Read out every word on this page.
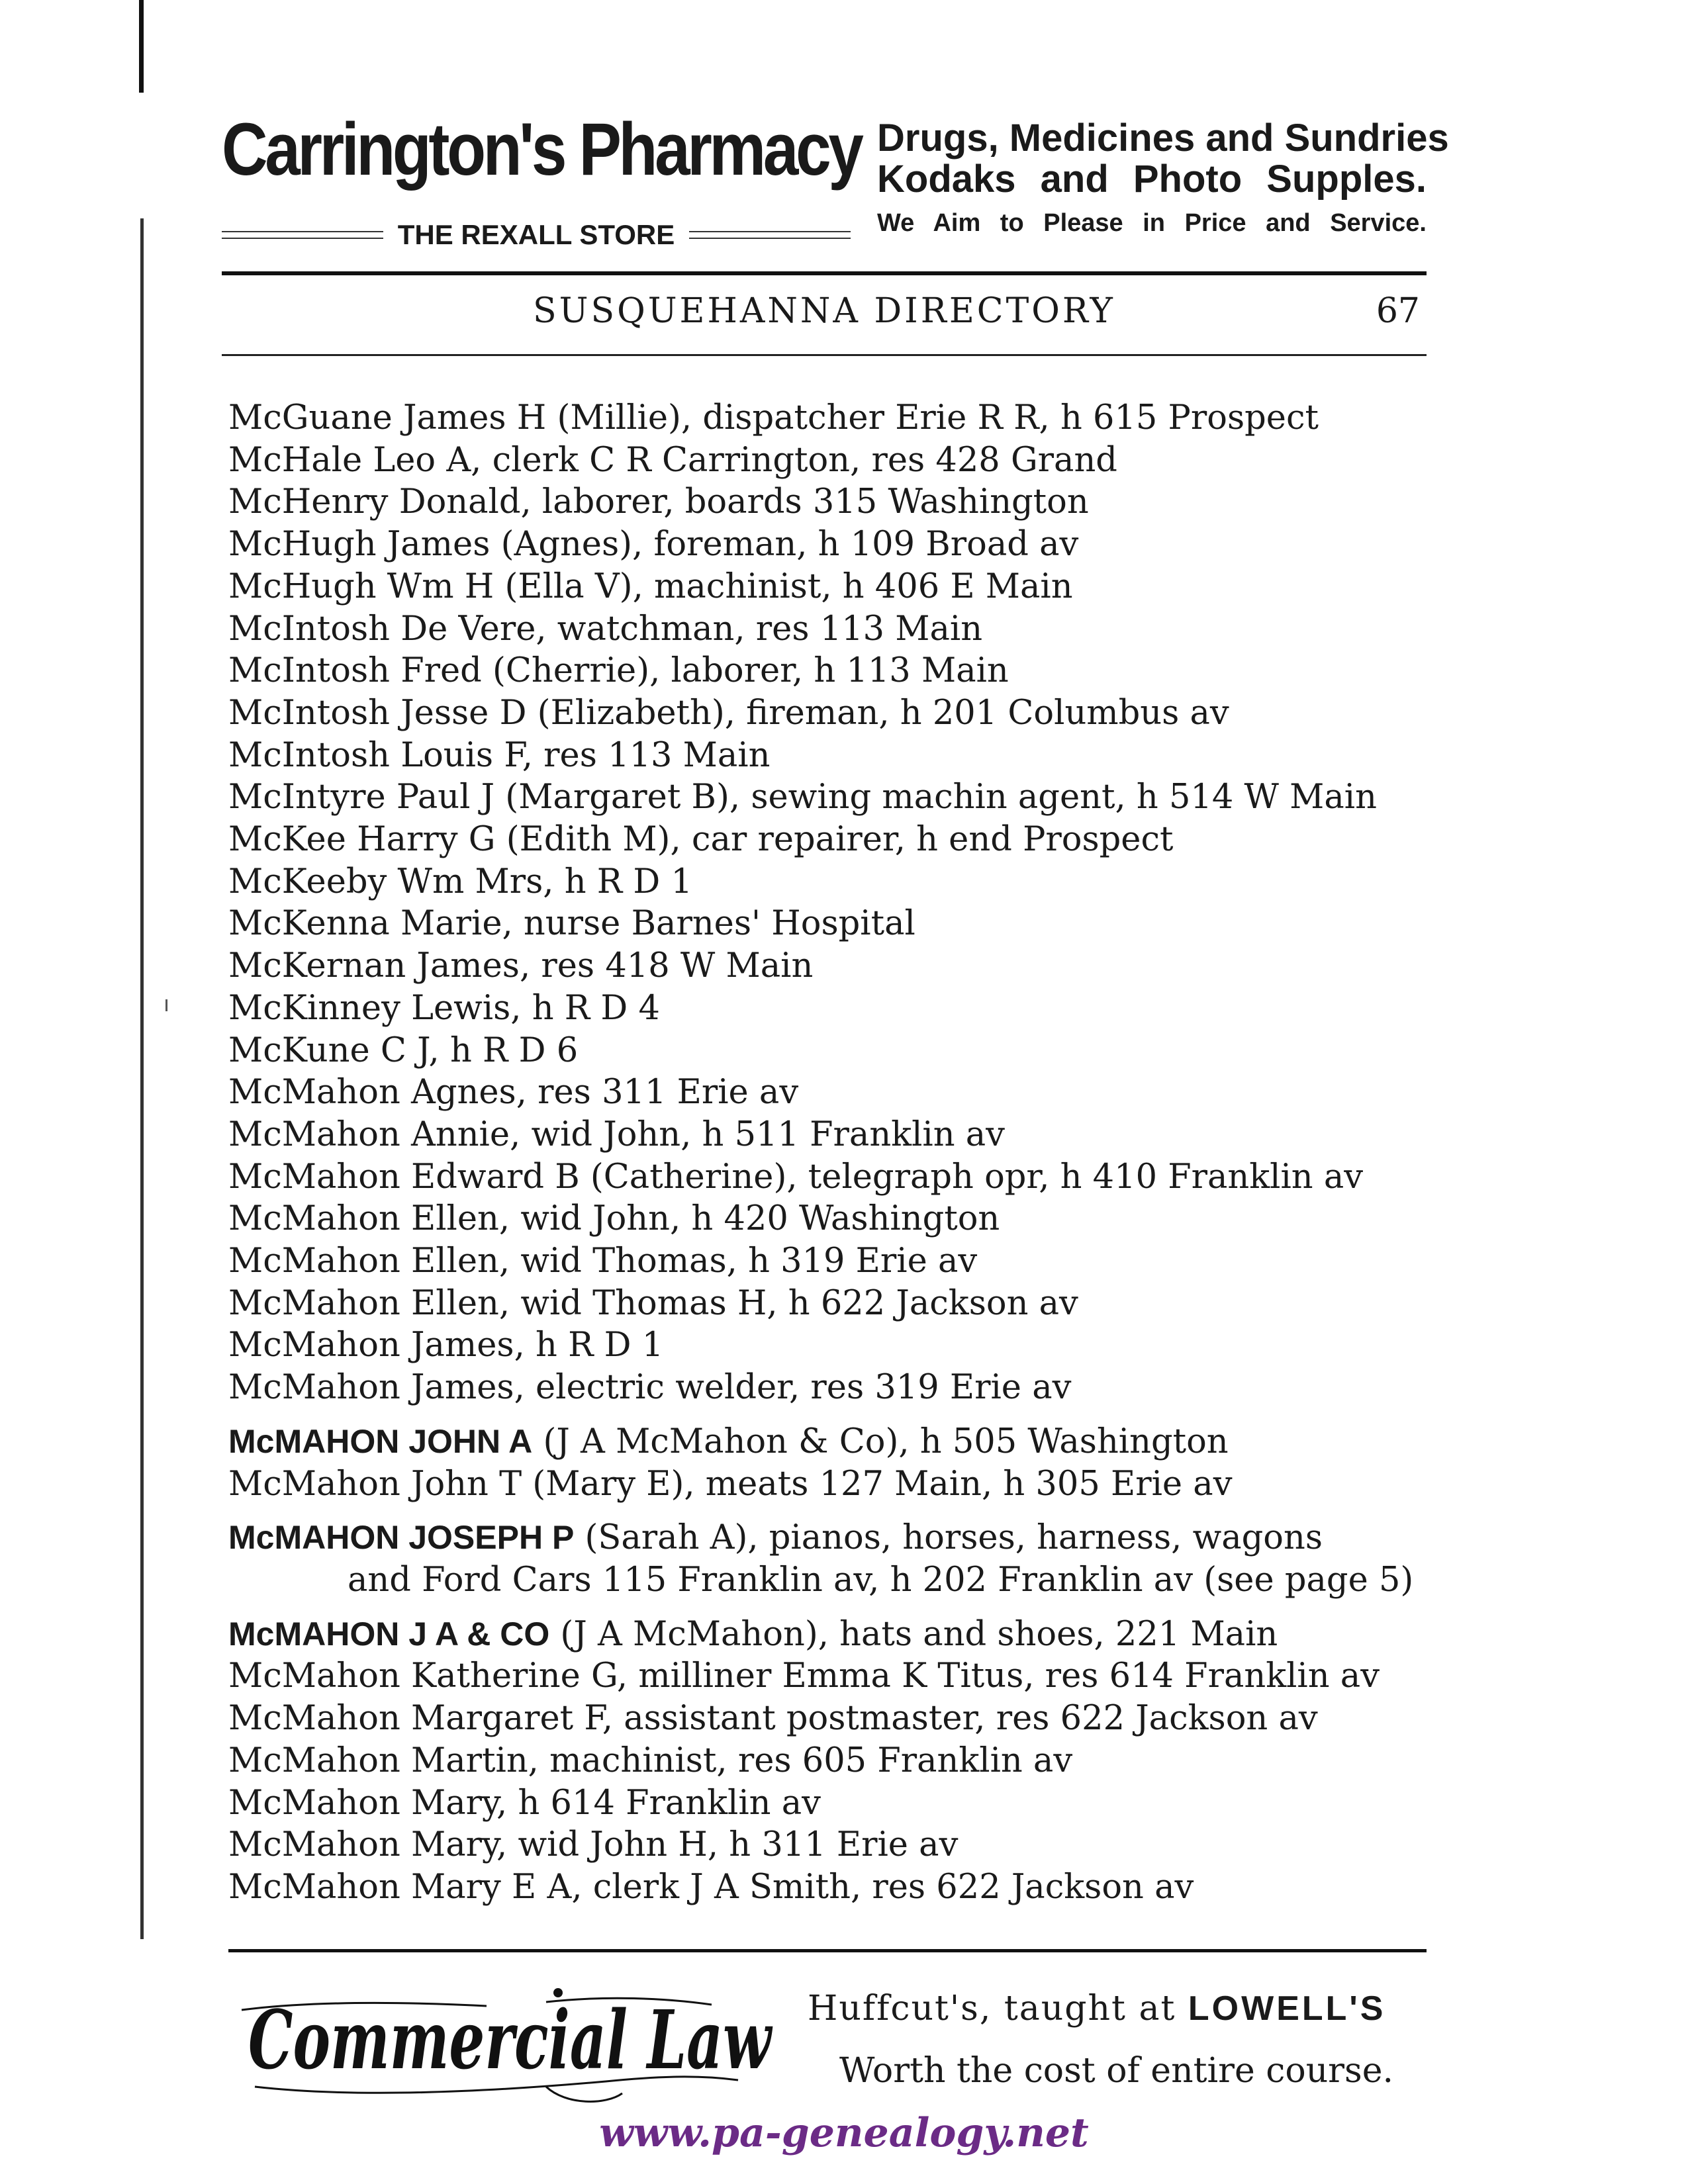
Carrington's Pharmacy
THE REXALL STORE
Drugs, Medicines and Sundries
Kodaks and Photo Supples.
We Aim to Please in Price and Service.
SUSQUEHANNA DIRECTORY	67
McGuane James H (Millie), dispatcher Erie R R, h 615 Prospect
McHale Leo A, clerk C R Carrington, res 428 Grand
McHenry Donald, laborer, boards 315 Washington
McHugh James (Agnes), foreman, h 109 Broad av
McHugh Wm H (Ella V), machinist, h 406 E Main
McIntosh De Vere, watchman, res 113 Main
McIntosh Fred (Cherrie), laborer, h 113 Main
McIntosh Jesse D (Elizabeth), fireman, h 201 Columbus av
McIntosh Louis F, res 113 Main
McIntyre Paul J (Margaret B), sewing machin agent, h 514 W Main
McKee Harry G (Edith M), car repairer, h end Prospect
McKeeby Wm Mrs, h R D 1
McKenna Marie, nurse Barnes' Hospital
McKernan James, res 418 W Main
McKinney Lewis, h R D 4
McKune C J, h R D 6
McMahon Agnes, res 311 Erie av
McMahon Annie, wid John, h 511 Franklin av
McMahon Edward B (Catherine), telegraph opr, h 410 Franklin av
McMahon Ellen, wid John, h 420 Washington
McMahon Ellen, wid Thomas, h 319 Erie av
McMahon Ellen, wid Thomas H, h 622 Jackson av
McMahon James, h R D 1
McMahon James, electric welder, res 319 Erie av
McMAHON JOHN A (J A McMahon & Co), h 505 Washington
McMahon John T (Mary E), meats 127 Main, h 305 Erie av
McMAHON JOSEPH P (Sarah A), pianos, horses, harness, wagons
and Ford Cars 115 Franklin av, h 202 Franklin av (see page 5)
McMAHON J A & CO (J A McMahon), hats and shoes, 221 Main
McMahon Katherine G, milliner Emma K Titus, res 614 Franklin av
McMahon Margaret F, assistant postmaster, res 622 Jackson av
McMahon Martin, machinist, res 605 Franklin av
McMahon Mary, h 614 Franklin av
McMahon Mary, wid John H, h 311 Erie av
McMahon Mary E A, clerk J A Smith, res 622 Jackson av
Commercial Law Huffcut's, taught at LOWELL'S
Worth the cost of entire course.
www.pa-genealogy.net
